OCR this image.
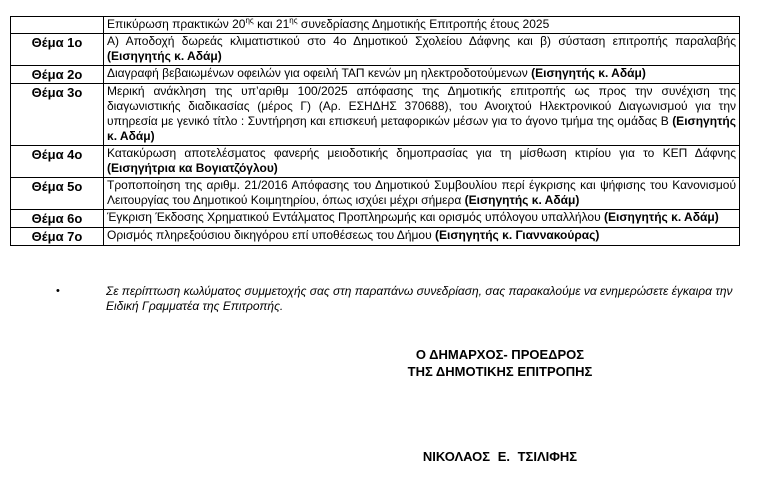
	Επικύρωση πρακτικών $20^{\eta\varsigma}$ και $21^{\eta\varsigma}$ συνεδρίασης Δημοτικής Επιτροπής έτους 2025
Θέμα 1ο	Α) Αποδοχή δωρεάς κλιματιστικού στο 4ο Δημοτικού Σχολείου Δάφνης και β) σύσταση επιτροπής παραλαβής (Εισηγητής κ. Αδάμ)
Θέμα 2ο	Διαγραφή βεβαιωμένων οφειλών για οφειλή ΤΑΠ κενών μη ηλεκτροδοτούμενων (Εισηγητής κ. Αδάμ)
Θέμα 3ο	Μερική ανάκληση της υπ’αριθμ 100/2025 απόφασης της Δημοτικής επιτροπής ως προς την συνέχιση της διαγωνιστικής διαδικασίας (μέρος Γ) (Αρ. ΕΣΗΔΗΣ 370688), του Ανοιχτού Ηλεκτρονικού Διαγωνισμού για την υπηρεσία με γενικό τίτλο : Συντήρηση και επισκευή μεταφορικών μέσων για το άγονο τμήμα της ομάδας Β (Εισηγητής κ. Αδάμ)
Θέμα 4ο	Κατακύρωση αποτελέσματος φανερής μειοδοτικής δημοπρασίας για τη μίσθωση κτιρίου για το ΚΕΠ Δάφνης (Εισηγήτρια κα Βογιατζόγλου)
Θέμα 5ο	Τροποποίηση της αριθμ. 21/2016 Απόφασης του Δημοτικού Συμβουλίου περί έγκρισης και ψήφισης του Κανονισμού Λειτουργίας του Δημοτικού Κοιμητηρίου, όπως ισχύει μέχρι σήμερα (Εισηγητής κ. Αδάμ)
Θέμα 6ο	Έγκριση Έκδοσης Χρηματικού Εντάλματος Προπληρωμής και ορισμός υπόλογου υπαλλήλου (Εισηγητής κ. Αδάμ)
Θέμα 7ο	Ορισμός πληρεξούσιου δικηγόρου επί υποθέσεως του Δήμου (Εισηγητής κ. Γιαννακούρας)
•	Σε περίπτωση κωλύματος συμμετοχής σας στη παραπάνω συνεδρίαση, σας παρακαλούμε να ενημερώσετε έγκαιρα την Ειδική Γραμματέα της Επιτροπής.
Ο ΔΗΜΑΡΧΟΣ- ΠΡΟΕΔΡΟΣ
ΤΗΣ ΔΗΜΟΤΙΚΗΣ ΕΠΙΤΡΟΠΗΣ
ΝΙΚΟΛΑΟΣ Ε. ΤΣΙΛΙΦΗΣ
